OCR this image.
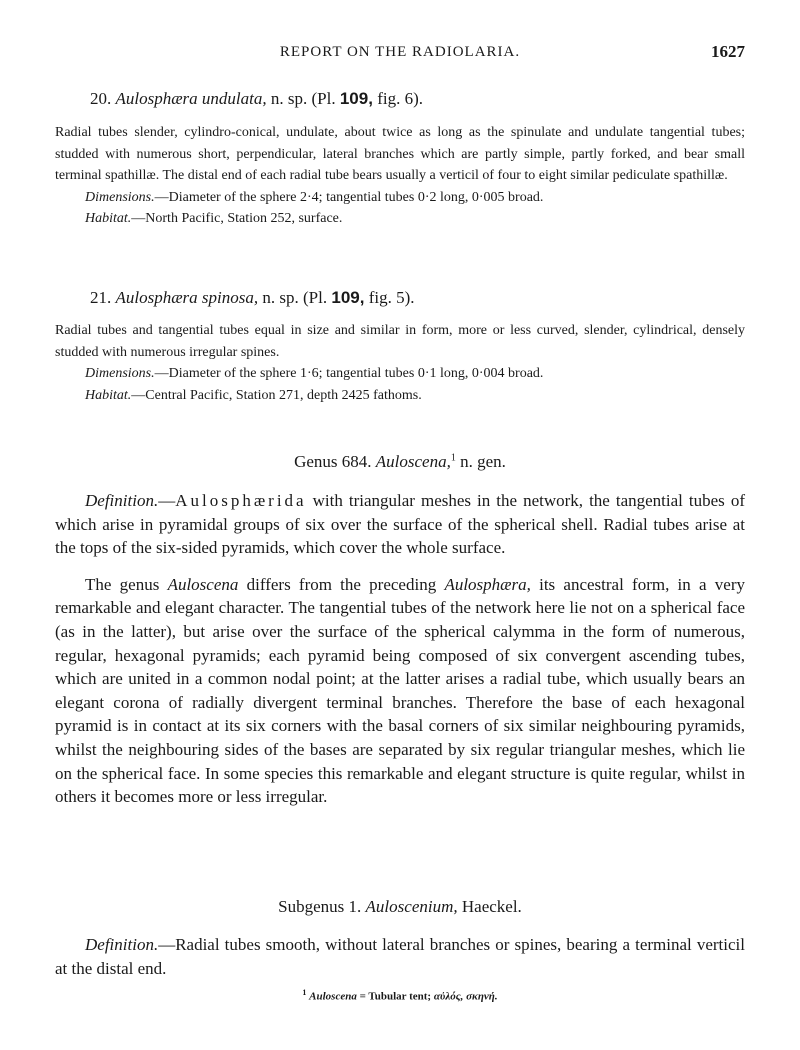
REPORT ON THE RADIOLARIA.	1627
20. Aulosphæra undulata, n. sp. (Pl. 109, fig. 6).

Radial tubes slender, cylindro-conical, undulate, about twice as long as the spinulate and undulate tangential tubes; studded with numerous short, perpendicular, lateral branches which are partly simple, partly forked, and bear small terminal spathillæ. The distal end of each radial tube bears usually a verticil of four to eight similar pediculate spathillæ.

Dimensions.—Diameter of the sphere 2·4; tangential tubes 0·2 long, 0·005 broad.

Habitat.—North Pacific, Station 252, surface.

21. Aulosphæra spinosa, n. sp. (Pl. 109, fig. 5).

Radial tubes and tangential tubes equal in size and similar in form, more or less curved, slender, cylindrical, densely studded with numerous irregular spines.

Dimensions.—Diameter of the sphere 1·6; tangential tubes 0·1 long, 0·004 broad.

Habitat.—Central Pacific, Station 271, depth 2425 fathoms.

Genus 684. Auloscena,$^1$ n. gen.

Definition.—Aulosphærida with triangular meshes in the network, the tangential tubes of which arise in pyramidal groups of six over the surface of the spherical shell. Radial tubes arise at the tops of the six-sided pyramids, which cover the whole surface.

The genus Auloscena differs from the preceding Aulosphæra, its ancestral form, in a very remarkable and elegant character. The tangential tubes of the network here lie not on a spherical face (as in the latter), but arise over the surface of the spherical calymma in the form of numerous, regular, hexagonal pyramids; each pyramid being composed of six convergent ascending tubes, which are united in a common nodal point; at the latter arises a radial tube, which usually bears an elegant corona of radially divergent terminal branches. Therefore the base of each hexagonal pyramid is in contact at its six corners with the basal corners of six similar neighbouring pyramids, whilst the neighbouring sides of the bases are separated by six regular triangular meshes, which lie on the spherical face. In some species this remarkable and elegant structure is quite regular, whilst in others it becomes more or less irregular.

Subgenus 1. Auloscenium, Haeckel.

Definition.—Radial tubes smooth, without lateral branches or spines, bearing a terminal verticil at the distal end.

$^1$ Auloscena = Tubular tent; αὐλός, σκηνή.
